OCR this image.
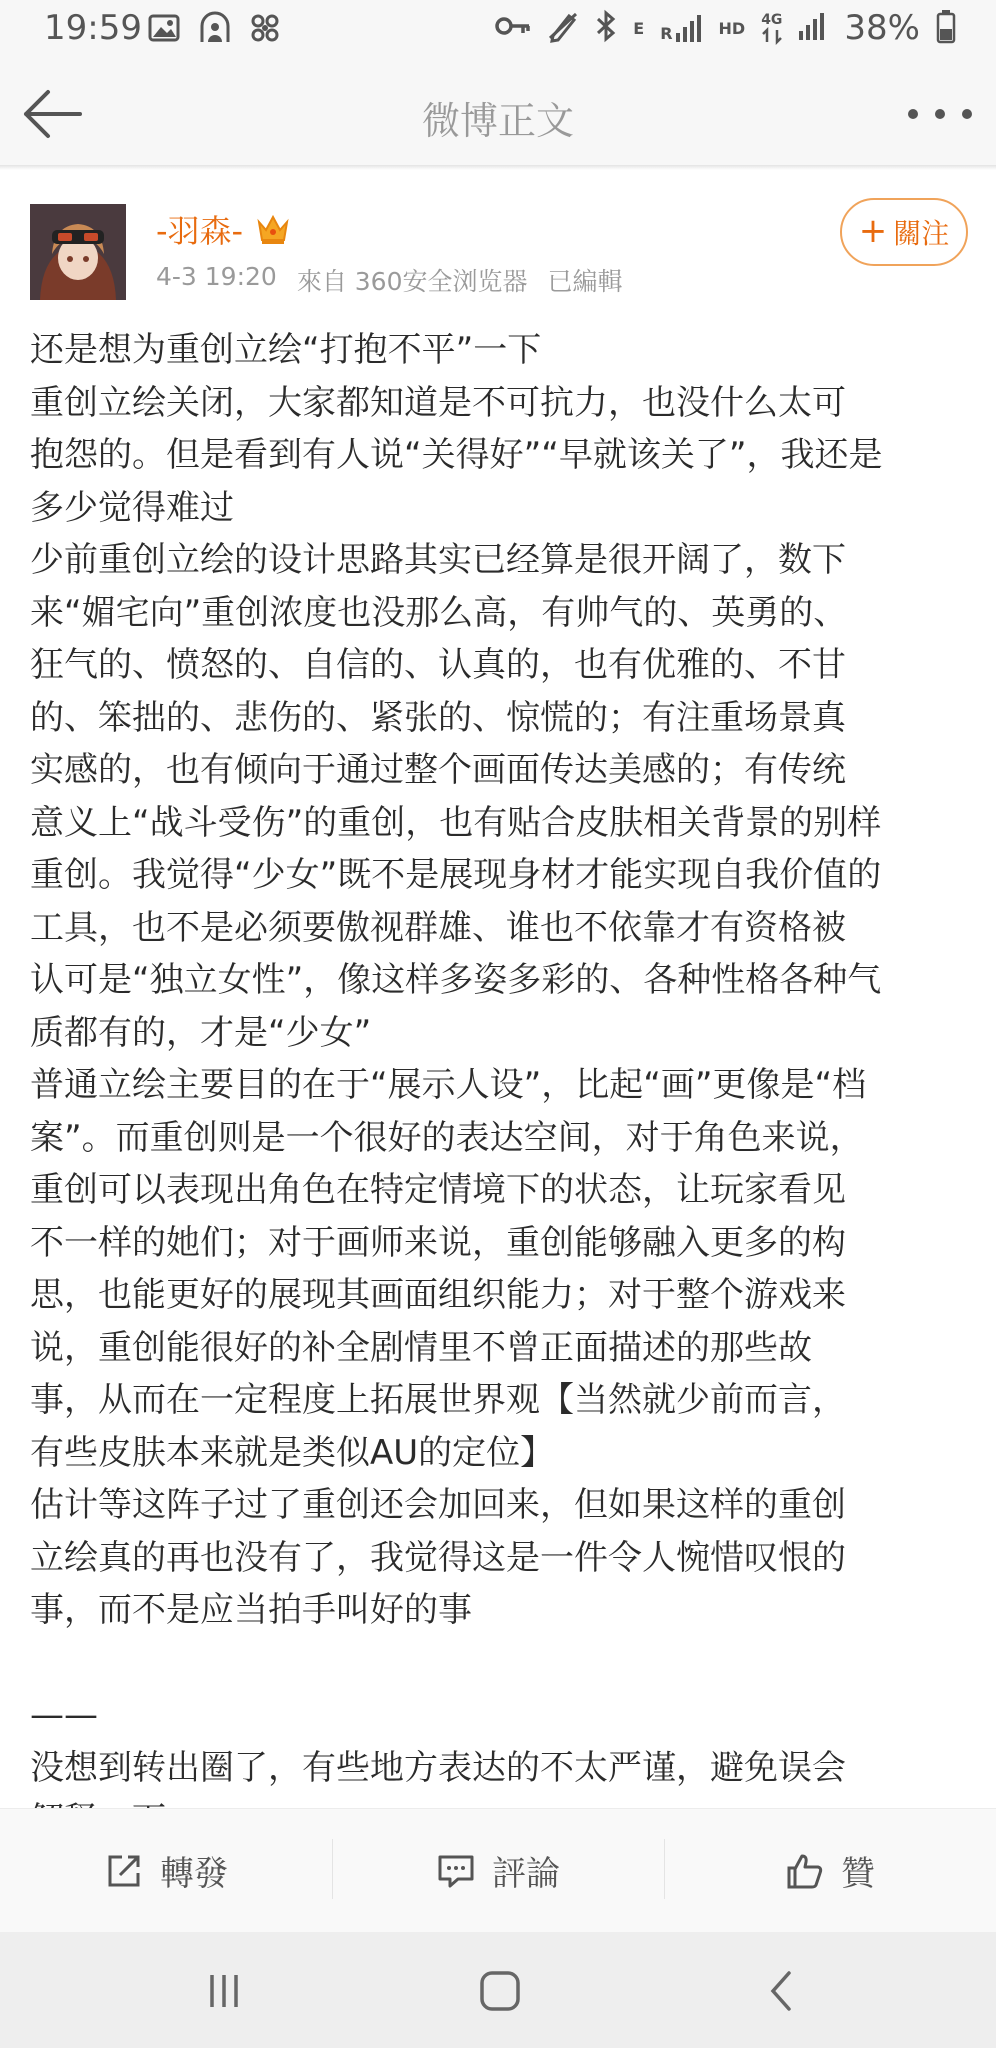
19:59	E R	HD 4G 38%
微博正文
-羽森-
4-3 19:20 來自 360安全浏览器 已編輯
+ 關注
还是想为重创立绘“打抱不平”一下
重创立绘关闭，大家都知道是不可抗力，也没什么太可
抱怨的。但是看到有人说“关得好”“早就该关了”，我还是
多少觉得难过
少前重创立绘的设计思路其实已经算是很开阔了，数下
来“媚宅向”重创浓度也没那么高，有帅气的、英勇的、
狂气的、愤怒的、自信的、认真的，也有优雅的、不甘
的、笨拙的、悲伤的、紧张的、惊慌的；有注重场景真
实感的，也有倾向于通过整个画面传达美感的；有传统
意义上“战斗受伤”的重创，也有贴合皮肤相关背景的别样
重创。我觉得“少女”既不是展现身材才能实现自我价值的
工具，也不是必须要傲视群雄、谁也不依靠才有资格被
认可是“独立女性”，像这样多姿多彩的、各种性格各种气
质都有的，才是“少女”
普通立绘主要目的在于“展示人设”，比起“画”更像是“档
案”。而重创则是一个很好的表达空间，对于角色来说，
重创可以表现出角色在特定情境下的状态，让玩家看见
不一样的她们；对于画师来说，重创能够融入更多的构
思，也能更好的展现其画面组织能力；对于整个游戏来
说，重创能很好的补全剧情里不曾正面描述的那些故
事，从而在一定程度上拓展世界观【当然就少前而言，
有些皮肤本来就是类似AU的定位】
估计等这阵子过了重创还会加回来，但如果这样的重创
立绘真的再也没有了，我觉得这是一件令人惋惜叹恨的
事，而不是应当拍手叫好的事
——
没想到转出圈了，有些地方表达的不太严谨，避免误会
轉發	評論	贊
